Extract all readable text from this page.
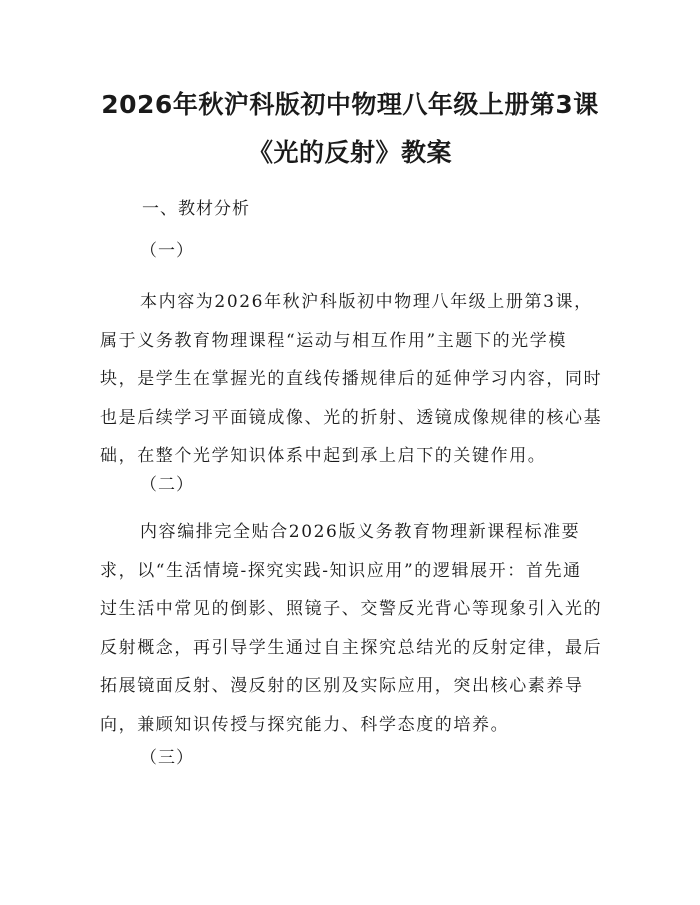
2026年秋沪科版初中物理八年级上册第3课
《光的反射》教案

一、教材分析

（一）

本内容为2026年秋沪科版初中物理八年级上册第3课，
属于义务教育物理课程“运动与相互作用”主题下的光学模
块，是学生在掌握光的直线传播规律后的延伸学习内容，同时
也是后续学习平面镜成像、光的折射、透镜成像规律的核心基
础，在整个光学知识体系中起到承上启下的关键作用。

（二）

内容编排完全贴合2026版义务教育物理新课程标准要
求，以“生活情境-探究实践-知识应用”的逻辑展开：首先通
过生活中常见的倒影、照镜子、交警反光背心等现象引入光的
反射概念，再引导学生通过自主探究总结光的反射定律，最后
拓展镜面反射、漫反射的区别及实际应用，突出核心素养导
向，兼顾知识传授与探究能力、科学态度的培养。

（三）
